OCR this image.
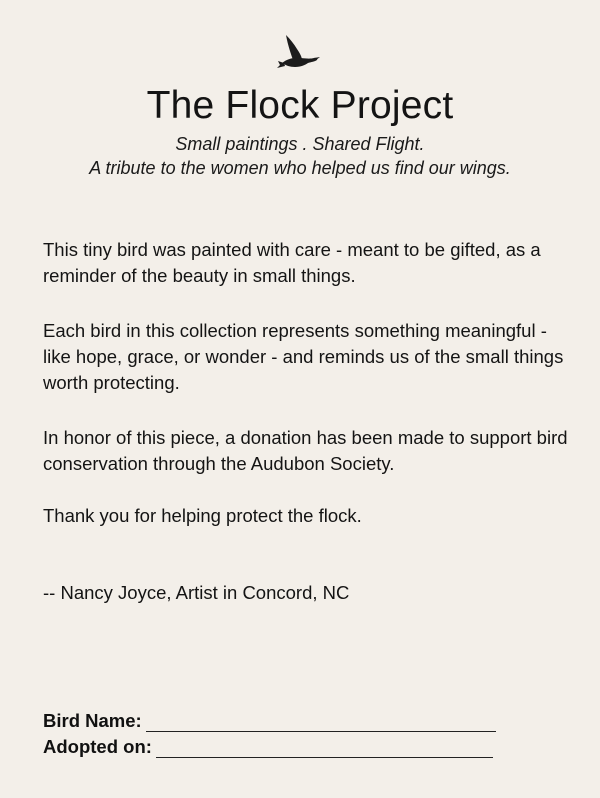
The Flock Project
Small paintings . Shared Flight.
A tribute to the women who helped us find our wings.
This tiny bird was painted with care - meant to be gifted, as a reminder of the beauty in small things.
Each bird in this collection represents something meaningful - like hope, grace, or wonder - and reminds us of the small things worth protecting.
In honor of this piece, a donation has been made to support bird conservation through the Audubon Society.
Thank you for helping protect the flock.
-- Nancy Joyce, Artist in Concord, NC
Bird Name:
Adopted on:
